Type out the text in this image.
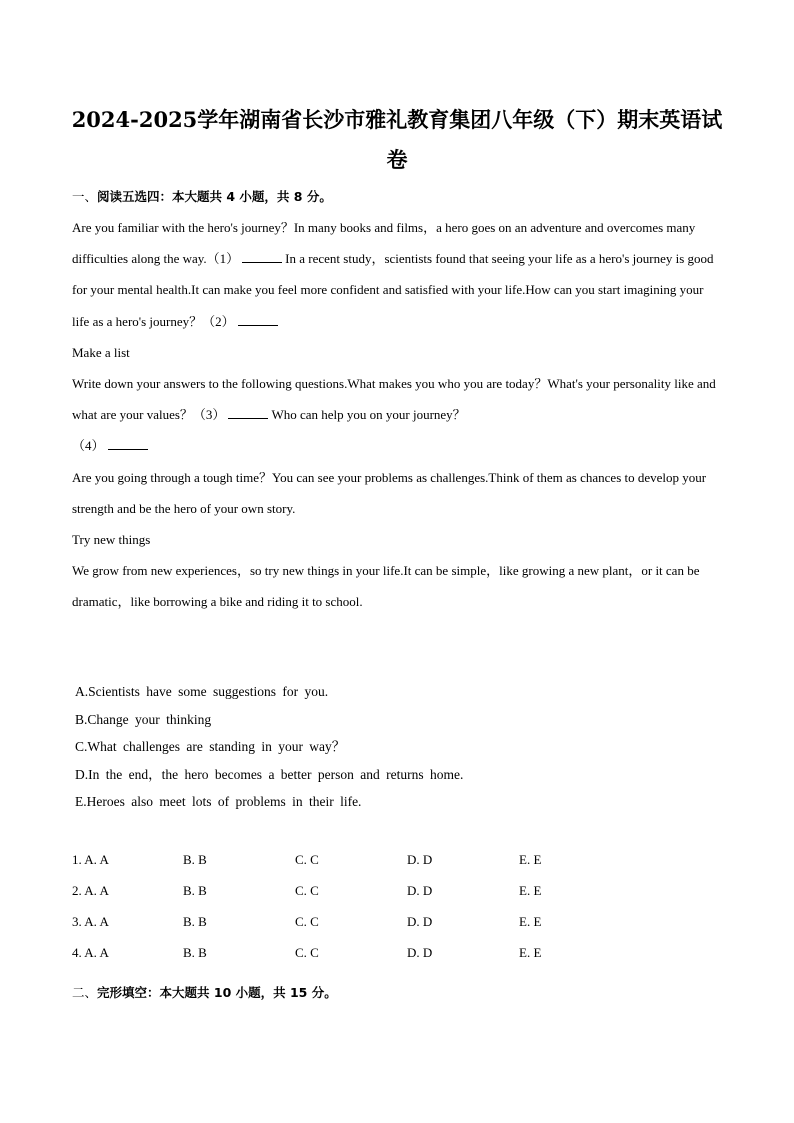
2024-2025学年湖南省长沙市雅礼教育集团八年级（下）期末英语试
卷
一、阅读五选四：本大题共 4 小题，共 8 分。

Are you familiar with the hero's journey？In many books and films，a hero goes on an adventure and overcomes many difficulties along the way.（1）	In a recent study，scientists found that seeing your life as a hero's journey is good for your mental health.It can make you feel more confident and satisfied with your life.How can you start imagining your life as a hero's journey？（2）

Make a list

Write down your answers to the following questions.What makes you who you are today？What's your personality like and what are your values？（3）	Who can help you on your journey？

（4）

Are you going through a tough time？You can see your problems as challenges.Think of them as chances to develop your strength and be the hero of your own story.

Try new things

We grow from new experiences，so try new things in your life.It can be simple，like growing a new plant，or it can be dramatic，like borrowing a bike and riding it to school.

A.Scientists have some suggestions for you.
B.Change your thinking
C.What challenges are standing in your way？
D.In the end，the hero becomes a better person and returns home.
E.Heroes also meet lots of problems in their life.
1. A. A	B. B	C. C	D. D	E. E
2. A. A	B. B	C. C	D. D	E. E
3. A. A	B. B	C. C	D. D	E. E
4. A. A	B. B	C. C	D. D	E. E
二、完形填空：本大题共 10 小题，共 15 分。
